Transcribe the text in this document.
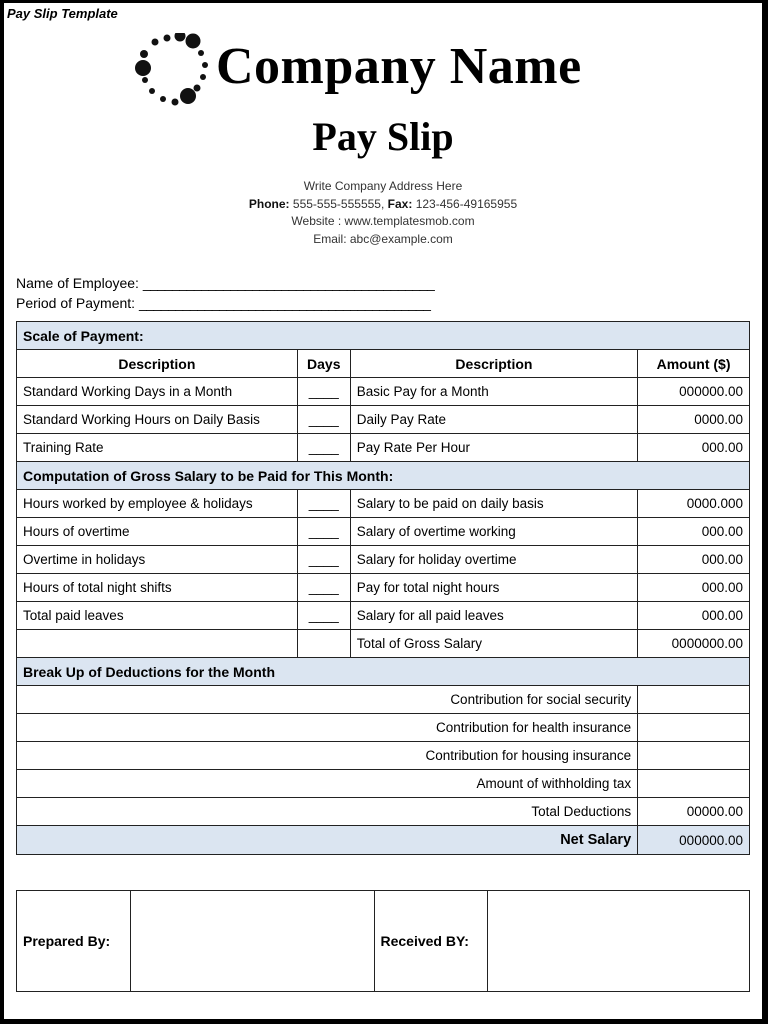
Pay Slip Template
Company Name
Pay Slip
Write Company Address Here
Phone: 555-555-555555, Fax: 123-456-49165955
Website : www.templatesmob.com
Email: abc@example.com
Name of Employee: ________________________________________
Period of Payment: ________________________________________
Scale of Payment:			
Description	Days	Description	Amount ($)
Standard Working Days in a Month	____	Basic Pay for a Month	000000.00
Standard Working Hours on Daily Basis	____	Daily Pay Rate	0000.00
Training Rate	____	Pay Rate Per Hour	000.00
Computation of Gross Salary to be Paid for This Month:			
Hours worked by employee & holidays	____	Salary to be paid on daily basis	0000.000
Hours of overtime	____	Salary of overtime working	000.00
Overtime in holidays	____	Salary for holiday overtime	000.00
Hours of total night shifts	____	Pay for total night hours	000.00
Total paid leaves	____	Salary for all paid leaves	000.00
		Total of Gross Salary	0000000.00
Break Up of Deductions for the Month			
Contribution for social security			
Contribution for health insurance			
Contribution for housing insurance			
Amount of withholding tax			
Total Deductions			00000.00
Net Salary			000000.00
Prepared By:		Received BY:	
